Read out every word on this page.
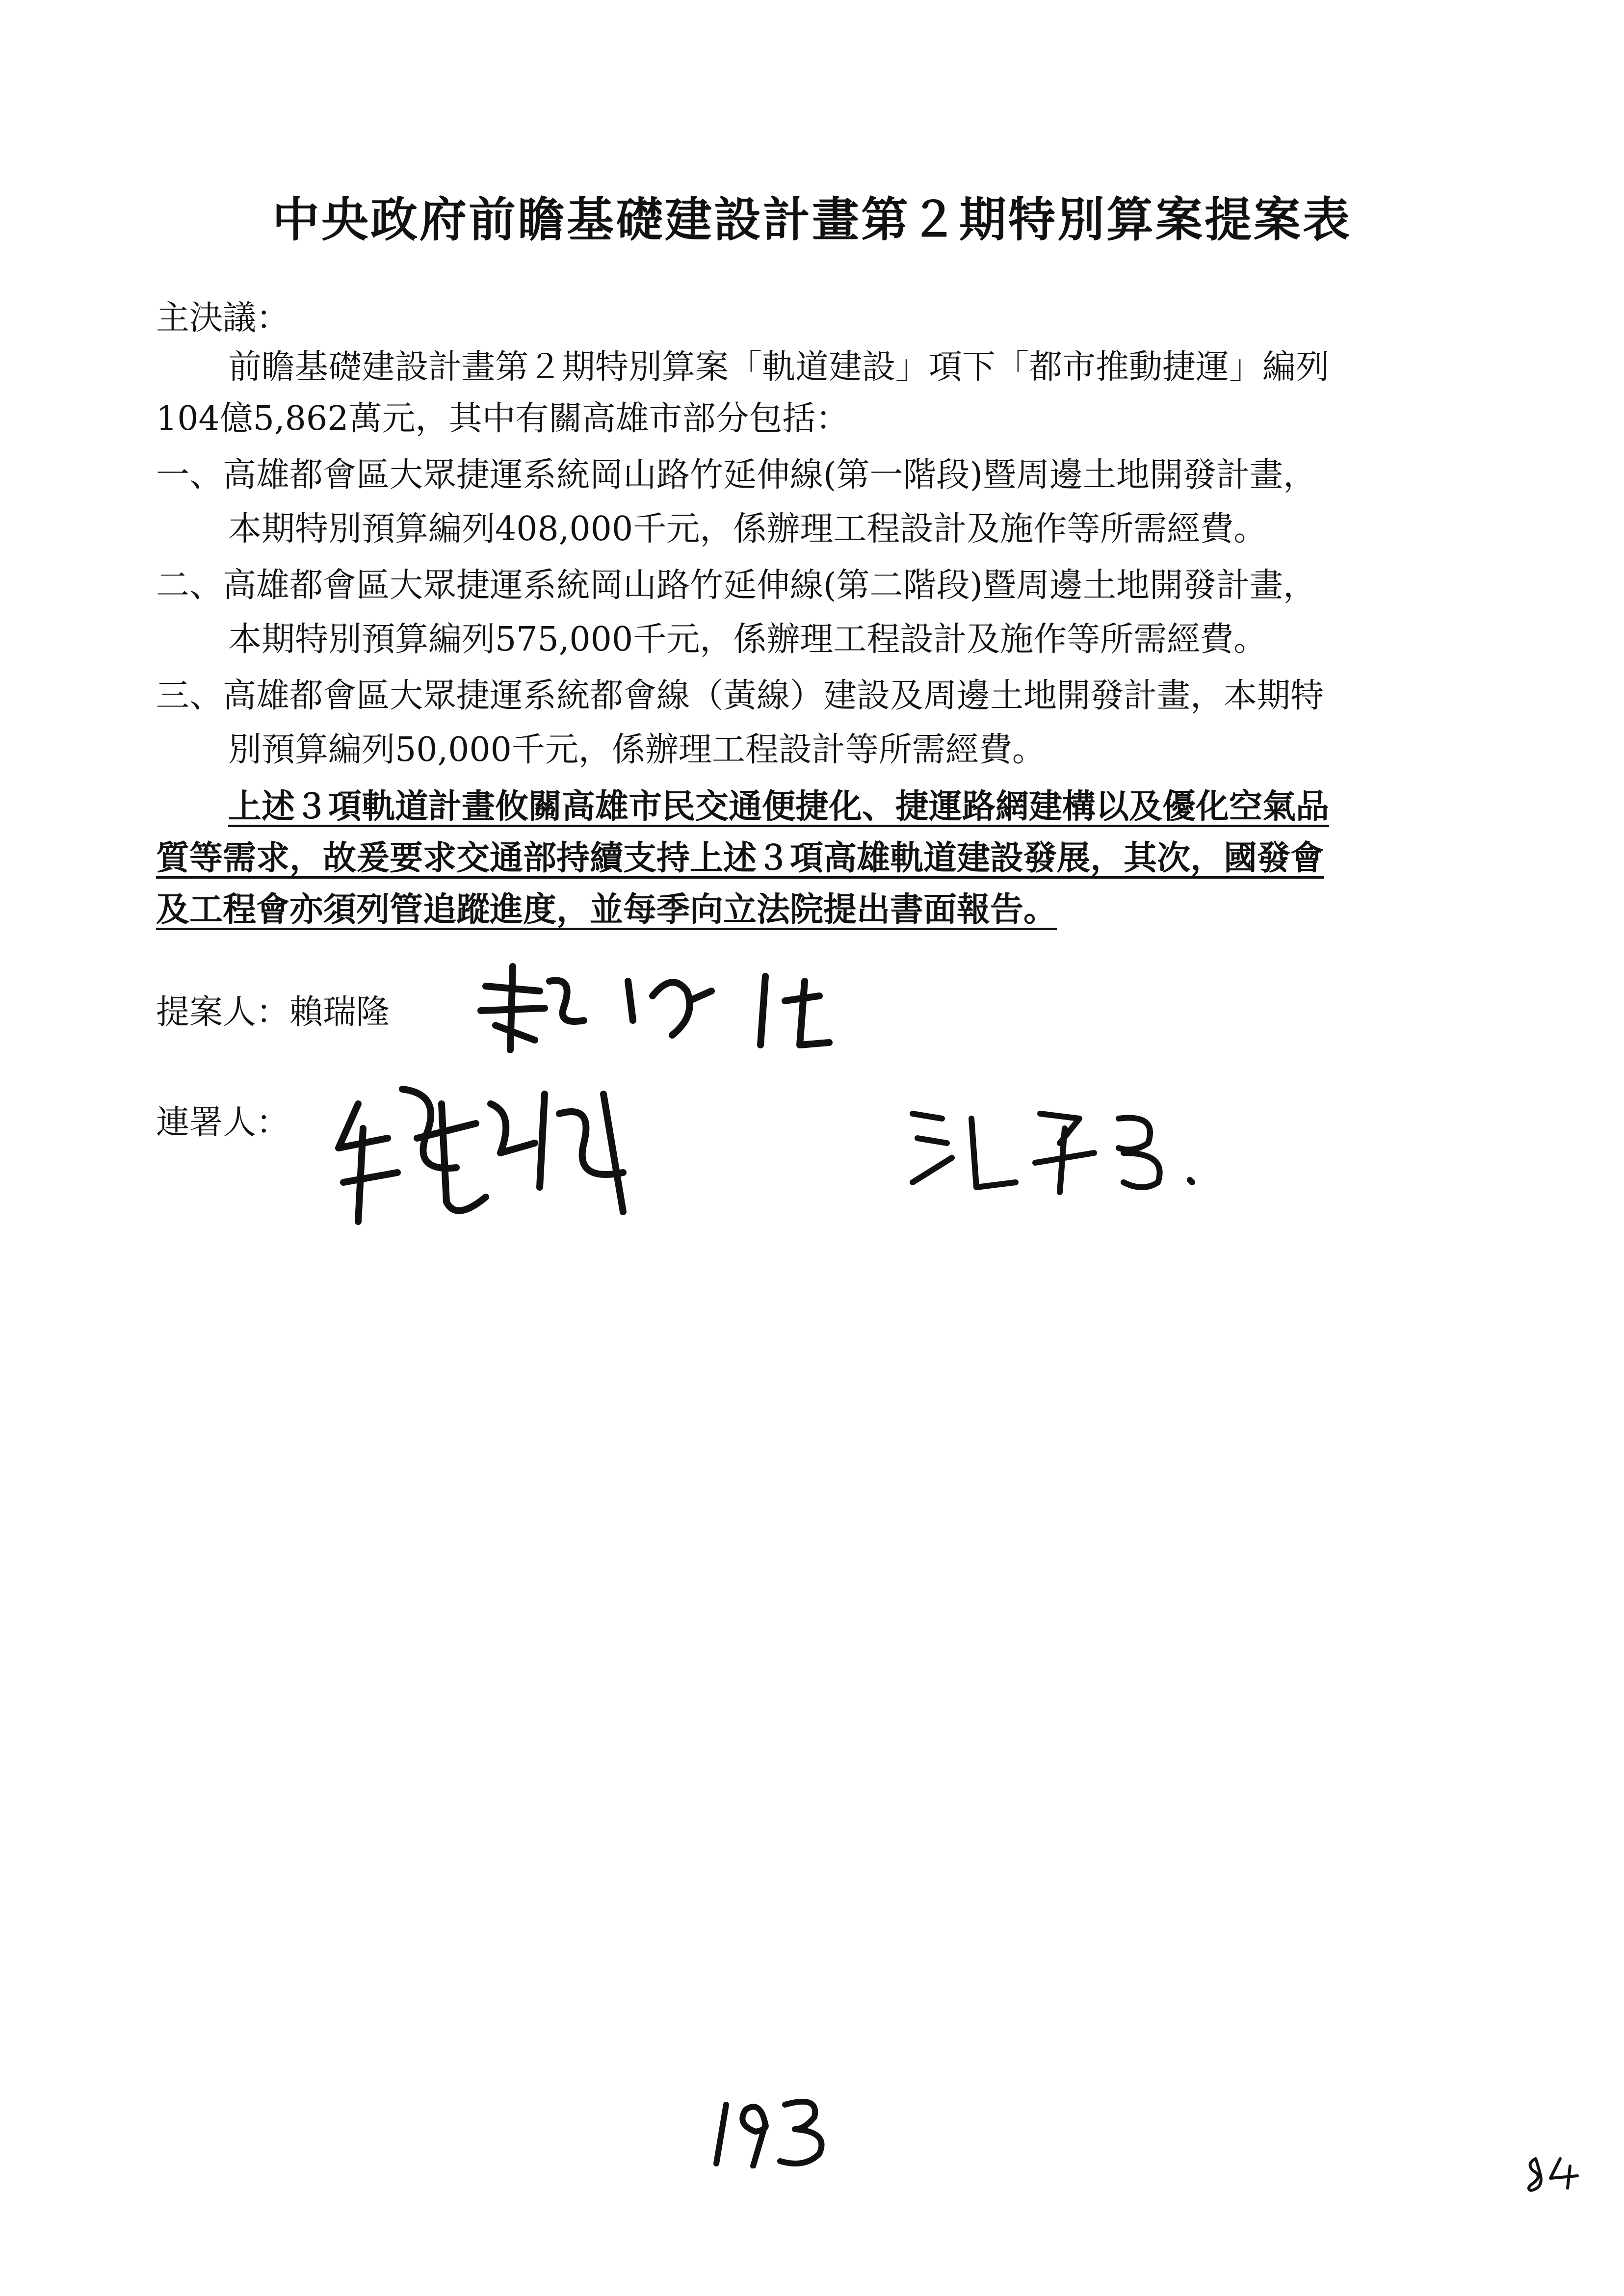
中央政府前瞻基礎建設計畫第２期特別算案提案表
主決議：
前瞻基礎建設計畫第２期特別算案「軌道建設」項下「都市推動捷運」編列
104億5,862萬元，其中有關高雄市部分包括：
一、高雄都會區大眾捷運系統岡山路竹延伸線(第一階段)暨周邊土地開發計畫，
本期特別預算編列408,000千元，係辦理工程設計及施作等所需經費。
二、高雄都會區大眾捷運系統岡山路竹延伸線(第二階段)暨周邊土地開發計畫，
本期特別預算編列575,000千元，係辦理工程設計及施作等所需經費。
三、高雄都會區大眾捷運系統都會線（黃線）建設及周邊土地開發計畫，本期特
別預算編列50,000千元，係辦理工程設計等所需經費。
上述３項軌道計畫攸關高雄市民交通便捷化、捷運路網建構以及優化空氣品
質等需求，故爰要求交通部持續支持上述３項高雄軌道建設發展，其次，國發會
及工程會亦須列管追蹤進度，並每季向立法院提出書面報告。
提案人：賴瑞隆
連署人：
